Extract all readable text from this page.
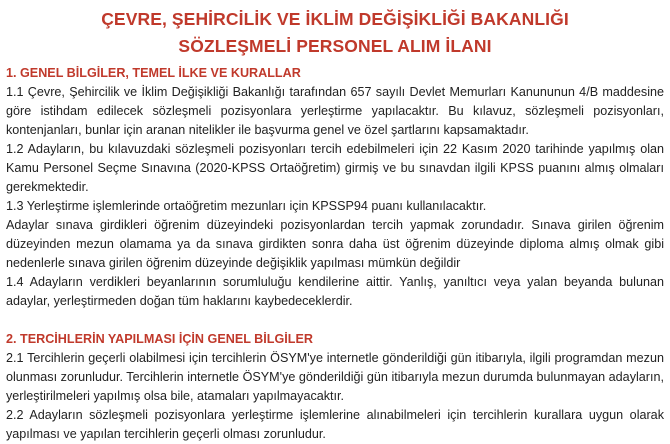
ÇEVRE, ŞEHİRCİLİK VE İKLİM DEĞİŞİKLİĞİ BAKANLIĞI
SÖZLEŞMELİ PERSONEL ALIM İLANI
1. GENEL BİLGİLER, TEMEL İLKE VE KURALLAR

1.1 Çevre, Şehircilik ve İklim Değişikliği Bakanlığı tarafından 657 sayılı Devlet Memurları Kanununun 4/B maddesine göre istihdam edilecek sözleşmeli pozisyonlara yerleştirme yapılacaktır. Bu kılavuz, sözleşmeli pozisyonları, kontenjanları, bunlar için aranan nitelikler ile başvurma genel ve özel şartlarını kapsamaktadır.

1.2 Adayların, bu kılavuzdaki sözleşmeli pozisyonları tercih edebilmeleri için 22 Kasım 2020 tarihinde yapılmış olan Kamu Personel Seçme Sınavına (2020-KPSS Ortaöğretim) girmiş ve bu sınavdan ilgili KPSS puanını almış olmaları gerekmektedir.

1.3 Yerleştirme işlemlerinde ortaöğretim mezunları için KPSSP94 puanı kullanılacaktır.

Adaylar sınava girdikleri öğrenim düzeyindeki pozisyonlardan tercih yapmak zorundadır. Sınava girilen öğrenim düzeyinden mezun olamama ya da sınava girdikten sonra daha üst öğrenim düzeyinde diploma almış olmak gibi nedenlerle sınava girilen öğrenim düzeyinde değişiklik yapılması mümkün değildir

1.4 Adayların verdikleri beyanlarının sorumluluğu kendilerine aittir. Yanlış, yanıltıcı veya yalan beyanda bulunan adaylar, yerleştirmeden doğan tüm haklarını kaybedeceklerdir.

2. TERCİHLERİN YAPILMASI İÇİN GENEL BİLGİLER

2.1 Tercihlerin geçerli olabilmesi için tercihlerin ÖSYM'ye internetle gönderildiği gün itibarıyla, ilgili programdan mezun olunması zorunludur. Tercihlerin internetle ÖSYM'ye gönderildiği gün itibarıyla mezun durumda bulunmayan adayların, yerleştirilmeleri yapılmış olsa bile, atamaları yapılmayacaktır.

2.2 Adayların sözleşmeli pozisyonlara yerleştirme işlemlerine alınabilmeleri için tercihlerin kurallara uygun olarak yapılması ve yapılan tercihlerin geçerli olması zorunludur.
